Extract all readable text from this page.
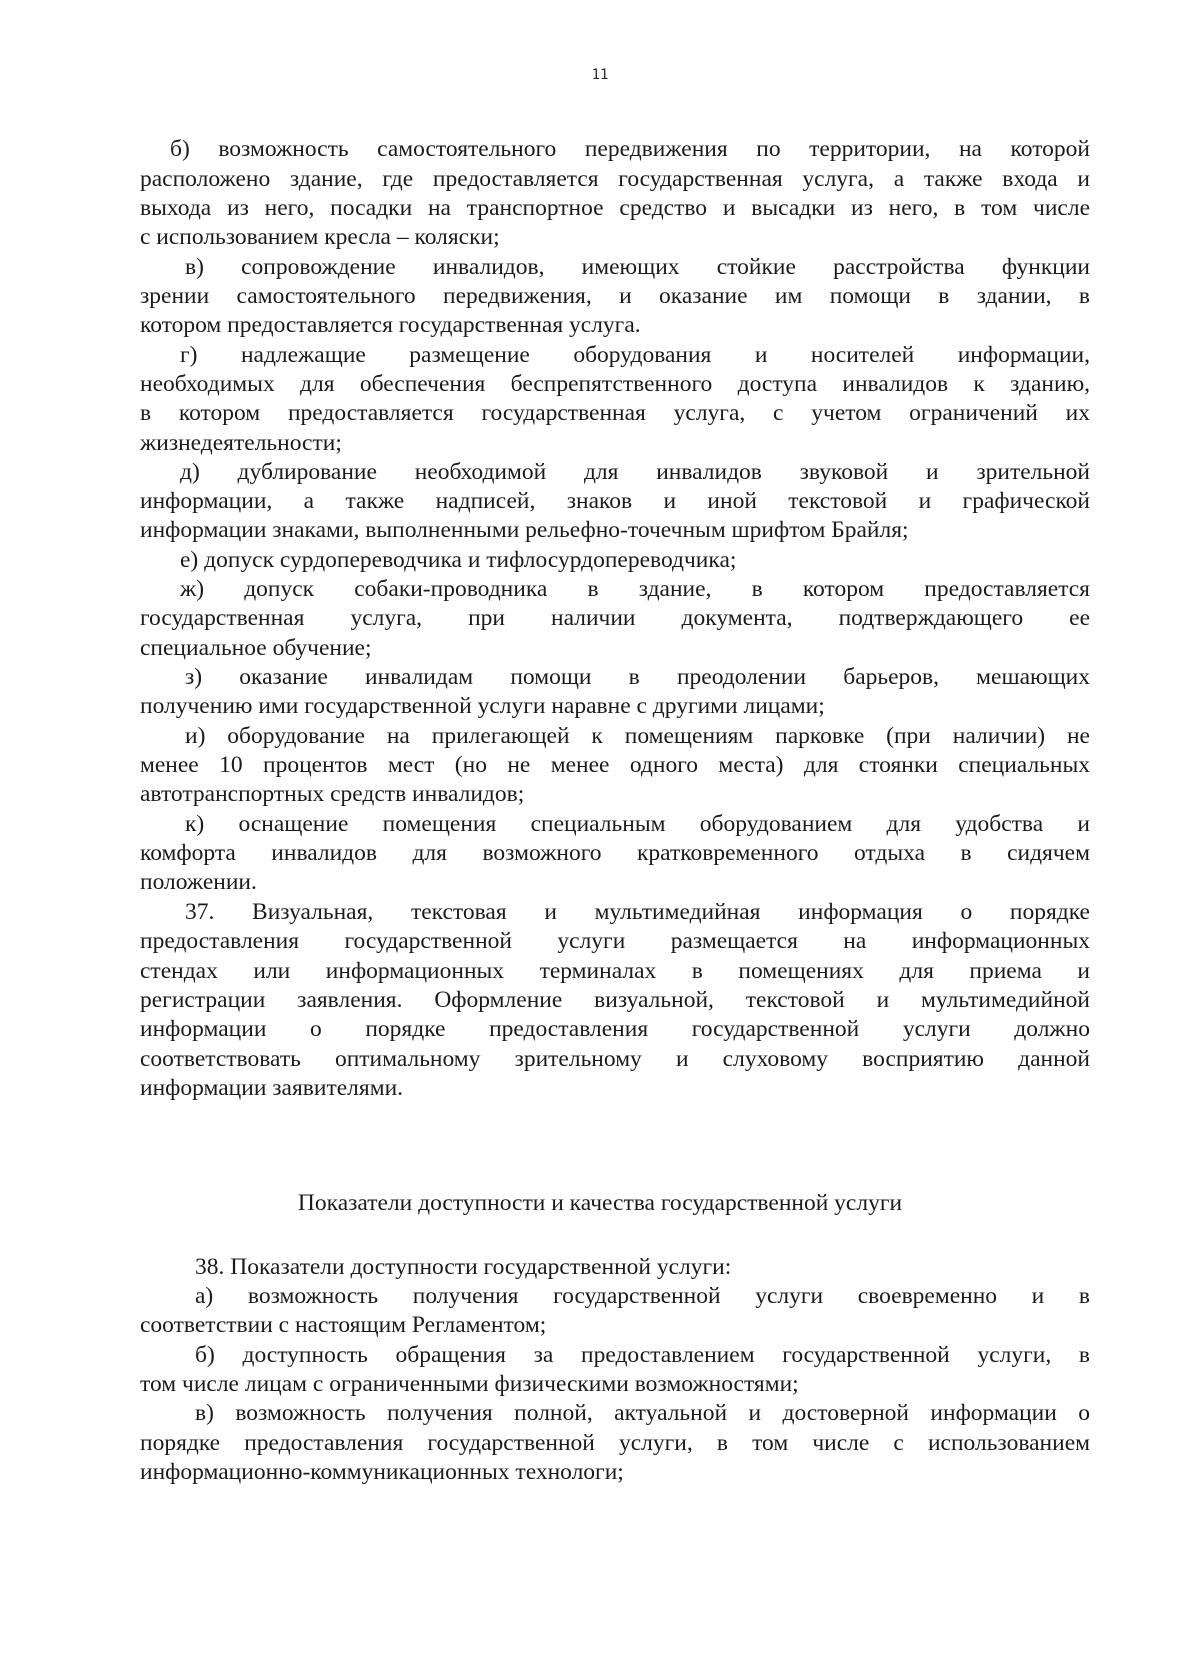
11
б) возможность самостоятельного передвижения по территории, на которой
расположено здание, где предоставляется государственная услуга, а также входа и
выхода из него, посадки на транспортное средство и высадки из него, в том числе
с использованием кресла – коляски;
в) сопровождение инвалидов, имеющих стойкие расстройства функции
зрении самостоятельного передвижения, и оказание им помощи в здании, в
котором предоставляется государственная услуга.
г) надлежащие размещение оборудования и носителей информации,
необходимых для обеспечения беспрепятственного доступа инвалидов к зданию,
в котором предоставляется государственная услуга, с учетом ограничений их
жизнедеятельности;
д) дублирование необходимой для инвалидов звуковой и зрительной
информации, а также надписей, знаков и иной текстовой и графической
информации знаками, выполненными рельефно-точечным шрифтом Брайля;
е) допуск сурдопереводчика и тифлосурдопереводчика;
ж) допуск собаки-проводника в здание, в котором предоставляется
государственная услуга, при наличии документа, подтверждающего ее
специальное обучение;
з) оказание инвалидам помощи в преодолении барьеров, мешающих
получению ими государственной услуги наравне с другими лицами;
и) оборудование на прилегающей к помещениям парковке (при наличии) не
менее 10 процентов мест (но не менее одного места) для стоянки специальных
автотранспортных средств инвалидов;
к) оснащение помещения специальным оборудованием для удобства и
комфорта инвалидов для возможного кратковременного отдыха в сидячем
положении.
37. Визуальная, текстовая и мультимедийная информация о порядке
предоставления государственной услуги размещается на информационных
стендах или информационных терминалах в помещениях для приема и
регистрации заявления. Оформление визуальной, текстовой и мультимедийной
информации о порядке предоставления государственной услуги должно
соответствовать оптимальному зрительному и слуховому восприятию данной
информации заявителями.
Показатели доступности и качества государственной услуги
38. Показатели доступности государственной услуги:
а) возможность получения государственной услуги своевременно и в
соответствии с настоящим Регламентом;
б) доступность обращения за предоставлением государственной услуги, в
том числе лицам с ограниченными физическими возможностями;
в) возможность получения полной, актуальной и достоверной информации о
порядке предоставления государственной услуги, в том числе с использованием
информационно-коммуникационных технологи;
